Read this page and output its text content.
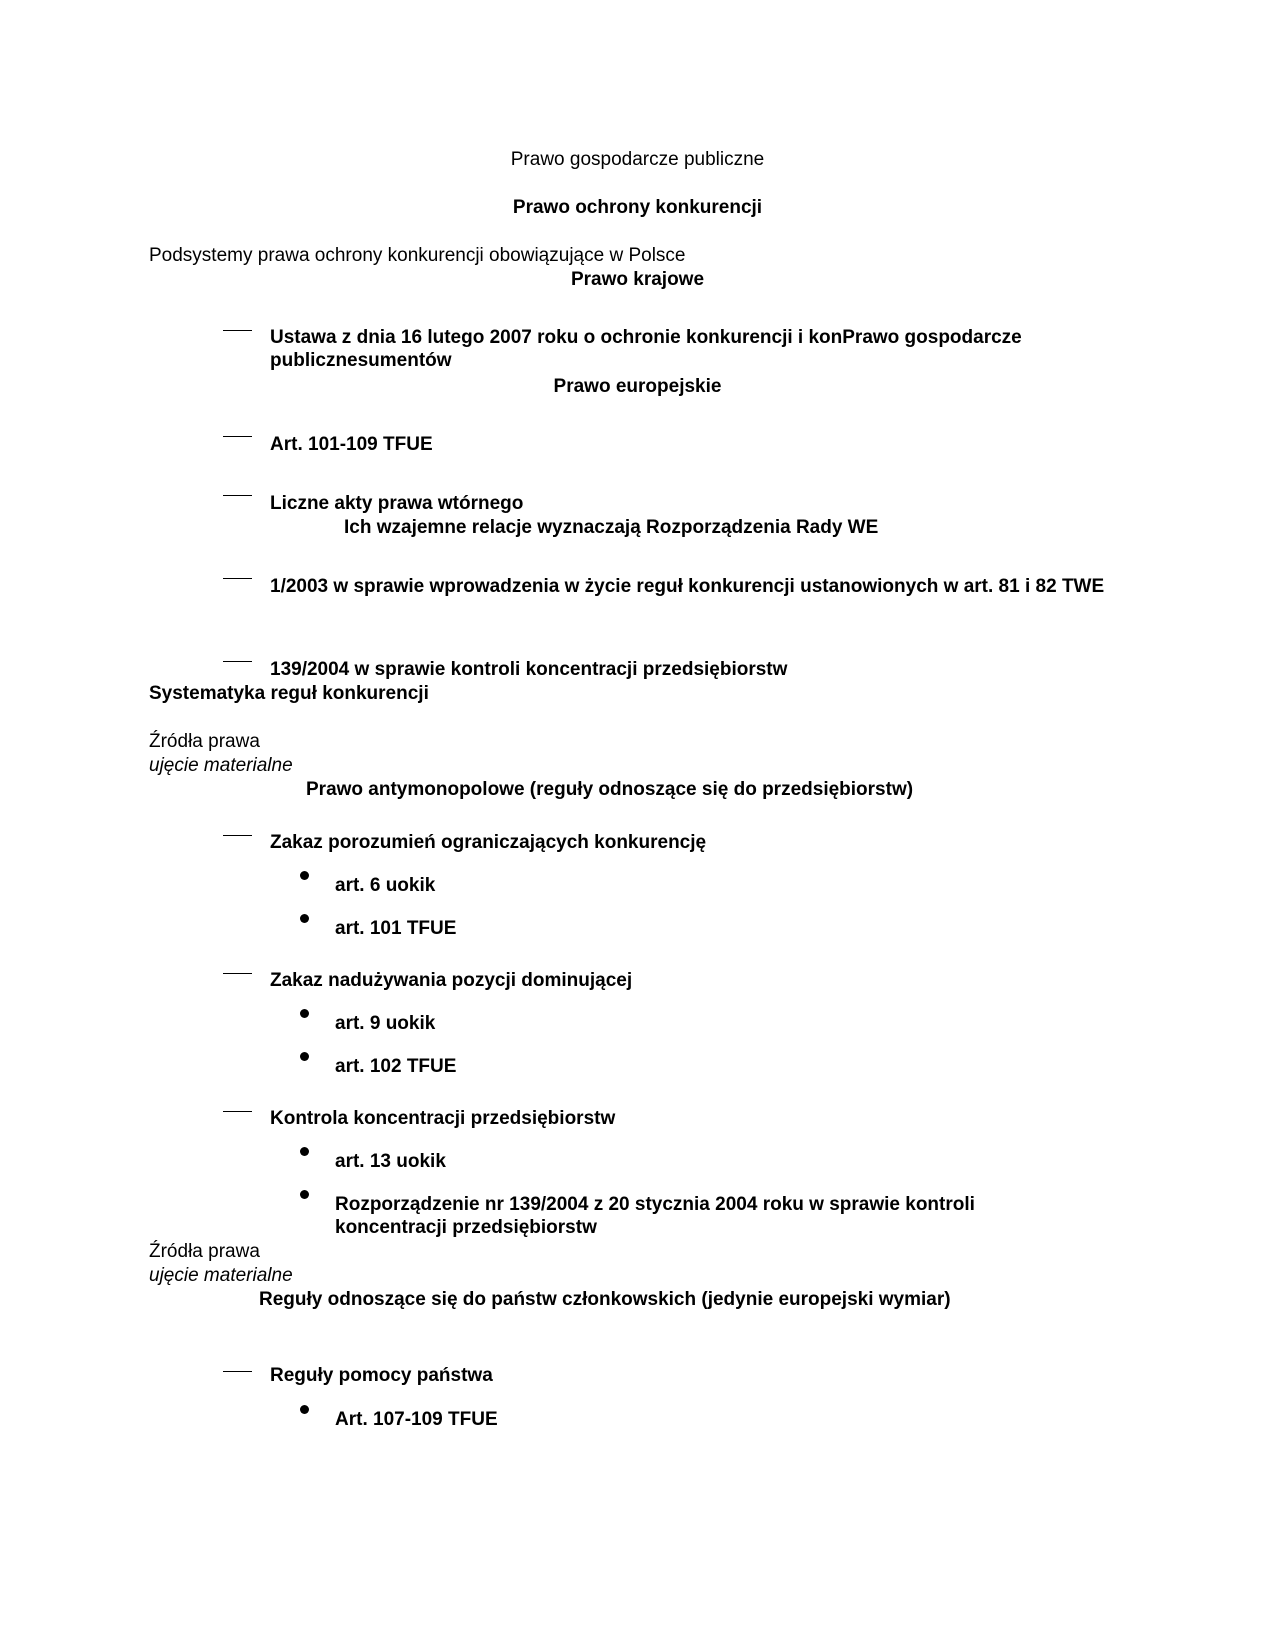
Prawo gospodarcze publiczne
Prawo ochrony konkurencji
Podsystemy prawa ochrony konkurencji obowiązujące w Polsce
Prawo krajowe
Ustawa z dnia 16 lutego 2007 roku o ochronie konkurencji i konPrawo gospodarcze publicznesumentów
Prawo europejskie
Art. 101-109 TFUE
Liczne akty prawa wtórnego
Ich wzajemne relacje wyznaczają Rozporządzenia Rady WE
1/2003 w sprawie wprowadzenia w życie reguł konkurencji ustanowionych w art. 81 i 82 TWE
139/2004 w sprawie kontroli koncentracji przedsiębiorstw
Systematyka reguł konkurencji
Źródła prawa
ujęcie materialne
Prawo antymonopolowe (reguły odnoszące się do przedsiębiorstw)
Zakaz porozumień ograniczających konkurencję
art. 6 uokik
art. 101 TFUE
Zakaz nadużywania pozycji dominującej
art. 9 uokik
art. 102 TFUE
Kontrola koncentracji przedsiębiorstw
art. 13 uokik
Rozporządzenie nr 139/2004 z 20 stycznia 2004 roku w sprawie kontroli koncentracji przedsiębiorstw
Źródła prawa
ujęcie materialne
Reguły odnoszące się do państw członkowskich (jedynie europejski wymiar)
Reguły pomocy państwa
Art. 107-109 TFUE
